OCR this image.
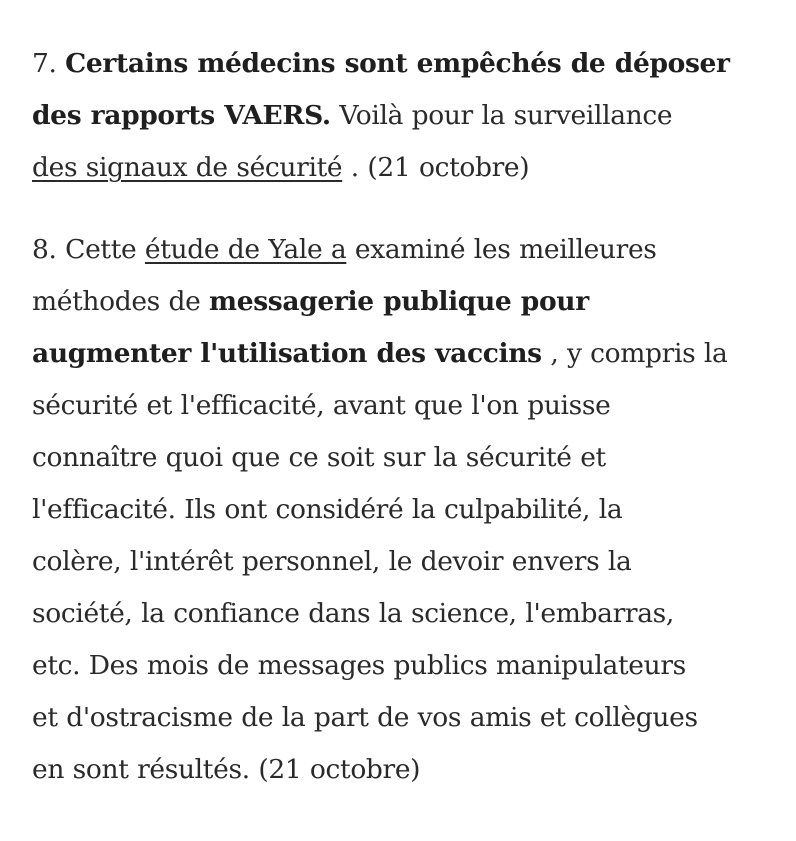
7. Certains médecins sont empêchés de déposer
des rapports VAERS. Voilà pour la surveillance
des signaux de sécurité . (21 octobre)

8. Cette étude de Yale a examiné les meilleures
méthodes de messagerie publique pour
augmenter l'utilisation des vaccins , y compris la
sécurité et l'efficacité, avant que l'on puisse
connaître quoi que ce soit sur la sécurité et
l'efficacité. Ils ont considéré la culpabilité, la
colère, l'intérêt personnel, le devoir envers la
société, la confiance dans la science, l'embarras,
etc. Des mois de messages publics manipulateurs
et d'ostracisme de la part de vos amis et collègues
en sont résultés. (21 octobre)
